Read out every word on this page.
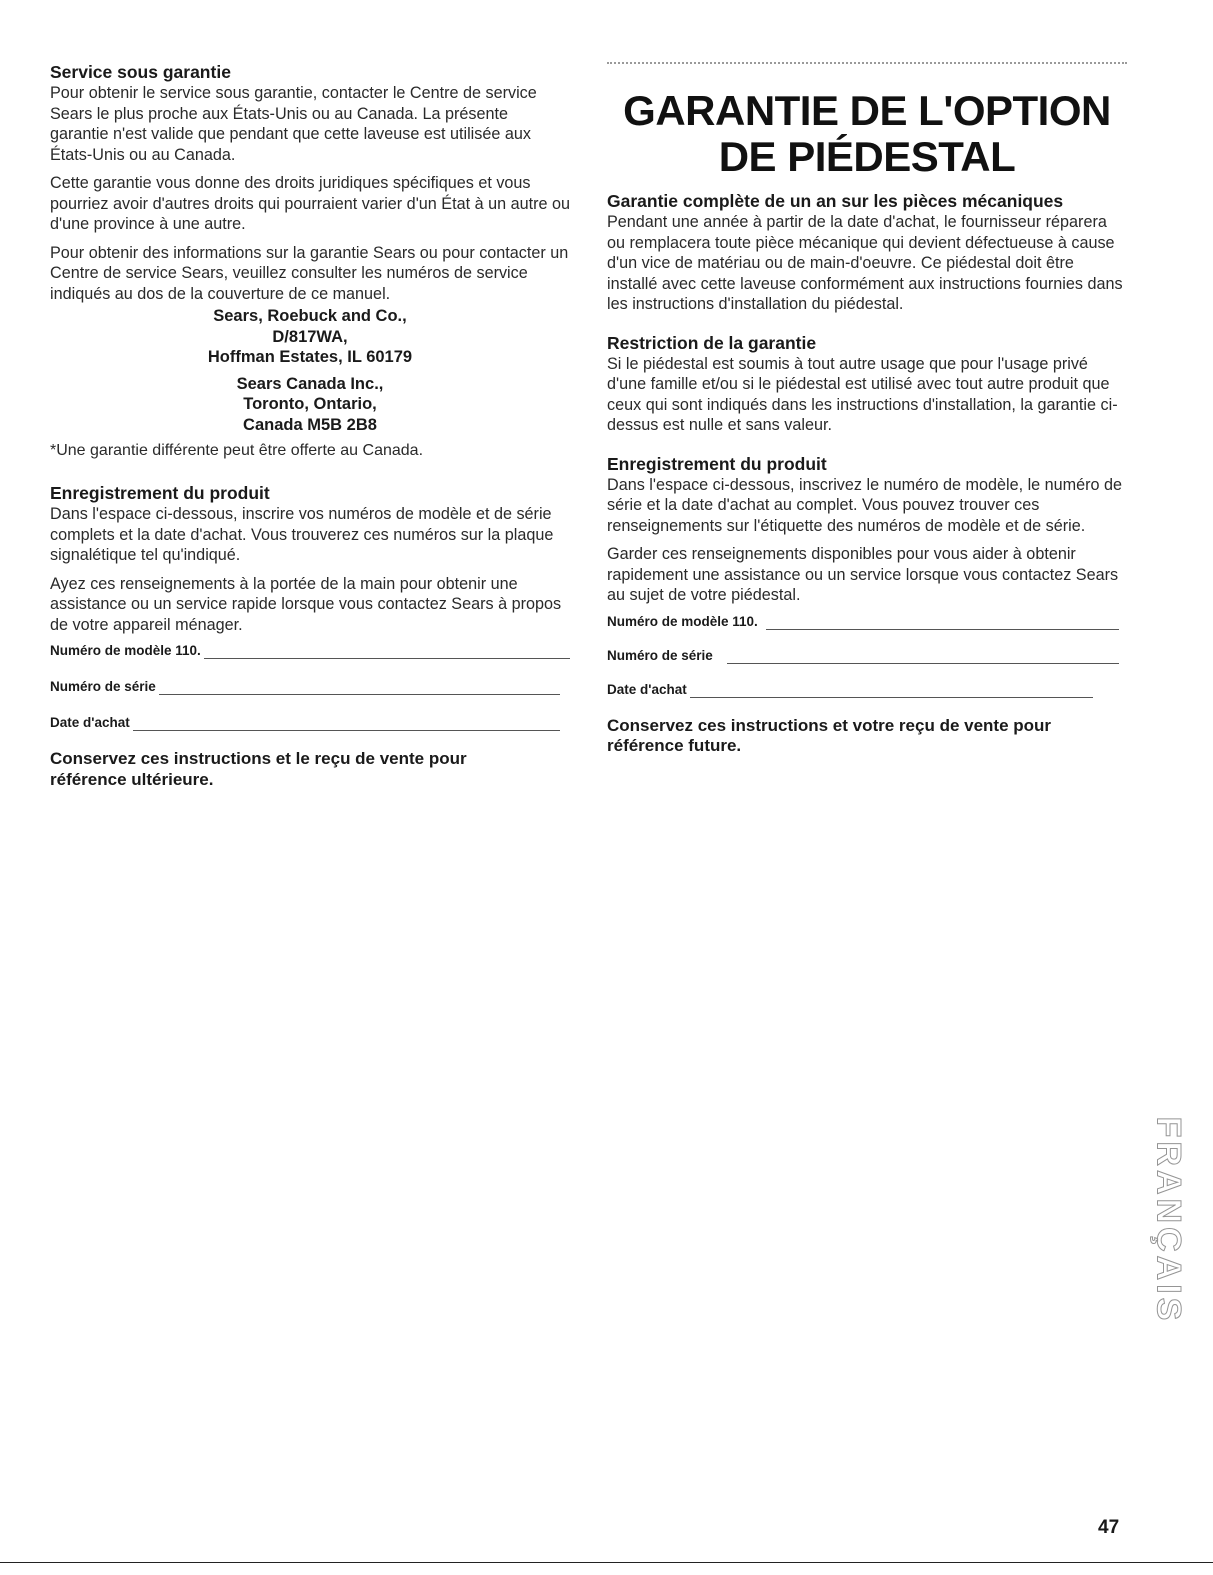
Service sous garantie

Pour obtenir le service sous garantie, contacter le Centre de service Sears le plus proche aux États-Unis ou au Canada. La présente garantie n'est valide que pendant que cette laveuse est utilisée aux États-Unis ou au Canada.

Cette garantie vous donne des droits juridiques spécifiques et vous pourriez avoir d'autres droits qui pourraient varier d'un État à un autre ou d'une province à une autre.

Pour obtenir des informations sur la garantie Sears ou pour contacter un Centre de service Sears, veuillez consulter les numéros de service indiqués au dos de la couverture de ce manuel.

Sears, Roebuck and Co.,
D/817WA,
Hoffman Estates, IL 60179
Sears Canada Inc.,
Toronto, Ontario,
Canada M5B 2B8

*Une garantie différente peut être offerte au Canada.

Enregistrement du produit

Dans l'espace ci-dessous, inscrire vos numéros de modèle et de série complets et la date d'achat. Vous trouverez ces numéros sur la plaque signalétique tel qu'indiqué.

Ayez ces renseignements à la portée de la main pour obtenir une assistance ou un service rapide lorsque vous contactez Sears à propos de votre appareil ménager.

Numéro de modèle 110.
Numéro de série
Date d'achat

Conservez ces instructions et le reçu de vente pour référence ultérieure.

GARANTIE DE L'OPTION DE PIÉDESTAL
Garantie complète de un an sur les pièces mécaniques

Pendant une année à partir de la date d'achat, le fournisseur réparera ou remplacera toute pièce mécanique qui devient défectueuse à cause d'un vice de matériau ou de main-d'oeuvre. Ce piédestal doit être installé avec cette laveuse conformément aux instructions fournies dans les instructions d'installation du piédestal.

Restriction de la garantie

Si le piédestal est soumis à tout autre usage que pour l'usage privé d'une famille et/ou si le piédestal est utilisé avec tout autre produit que ceux qui sont indiqués dans les instructions d'installation, la garantie ci-dessus est nulle et sans valeur.

Enregistrement du produit

Dans l'espace ci-dessous, inscrivez le numéro de modèle, le numéro de série et la date d'achat au complet. Vous pouvez trouver ces renseignements sur l'étiquette des numéros de modèle et de série.

Garder ces renseignements disponibles pour vous aider à obtenir rapidement une assistance ou un service lorsque vous contactez Sears au sujet de votre piédestal.

Numéro de modèle 110.
Numéro de série
Date d'achat

Conservez ces instructions et votre reçu de vente pour référence future.

FRANÇAIS
47
